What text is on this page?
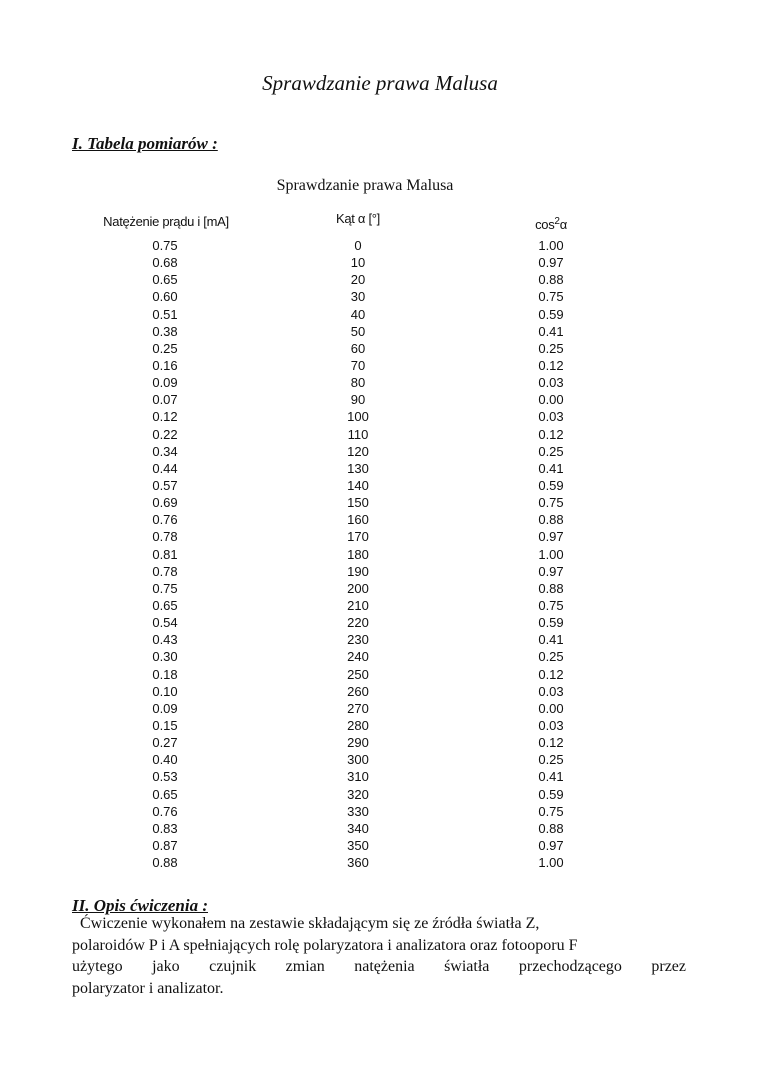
Sprawdzanie prawa Malusa
I. Tabela pomiarów :
Sprawdzanie prawa Malusa
Natężenie prądu i [mA]	Kąt α [°]	$\cos^2\alpha$
0.75
0.68
0.65
0.60
0.51
0.38
0.25
0.16
0.09
0.07
0.12
0.22
0.34
0.44
0.57
0.69
0.76
0.78
0.81
0.78
0.75
0.65
0.54
0.43
0.30
0.18
0.10
0.09
0.15
0.27
0.40
0.53
0.65
0.76
0.83
0.87
0.88
0
10
20
30
40
50
60
70
80
90
100
110
120
130
140
150
160
170
180
190
200
210
220
230
240
250
260
270
280
290
300
310
320
330
340
350
360
1.00
0.97
0.88
0.75
0.59
0.41
0.25
0.12
0.03
0.00
0.03
0.12
0.25
0.41
0.59
0.75
0.88
0.97
1.00
0.97
0.88
0.75
0.59
0.41
0.25
0.12
0.03
0.00
0.03
0.12
0.25
0.41
0.59
0.75
0.88
0.97
1.00
II. Opis ćwiczenia :
Ćwiczenie wykonałem na zestawie składającym się ze źródła światła Z,
polaroidów P i A spełniających rolę polaryzatora i analizatora oraz fotooporu F
użytego jako czujnik zmian natężenia światła przechodzącego przez
polaryzator i analizator.
